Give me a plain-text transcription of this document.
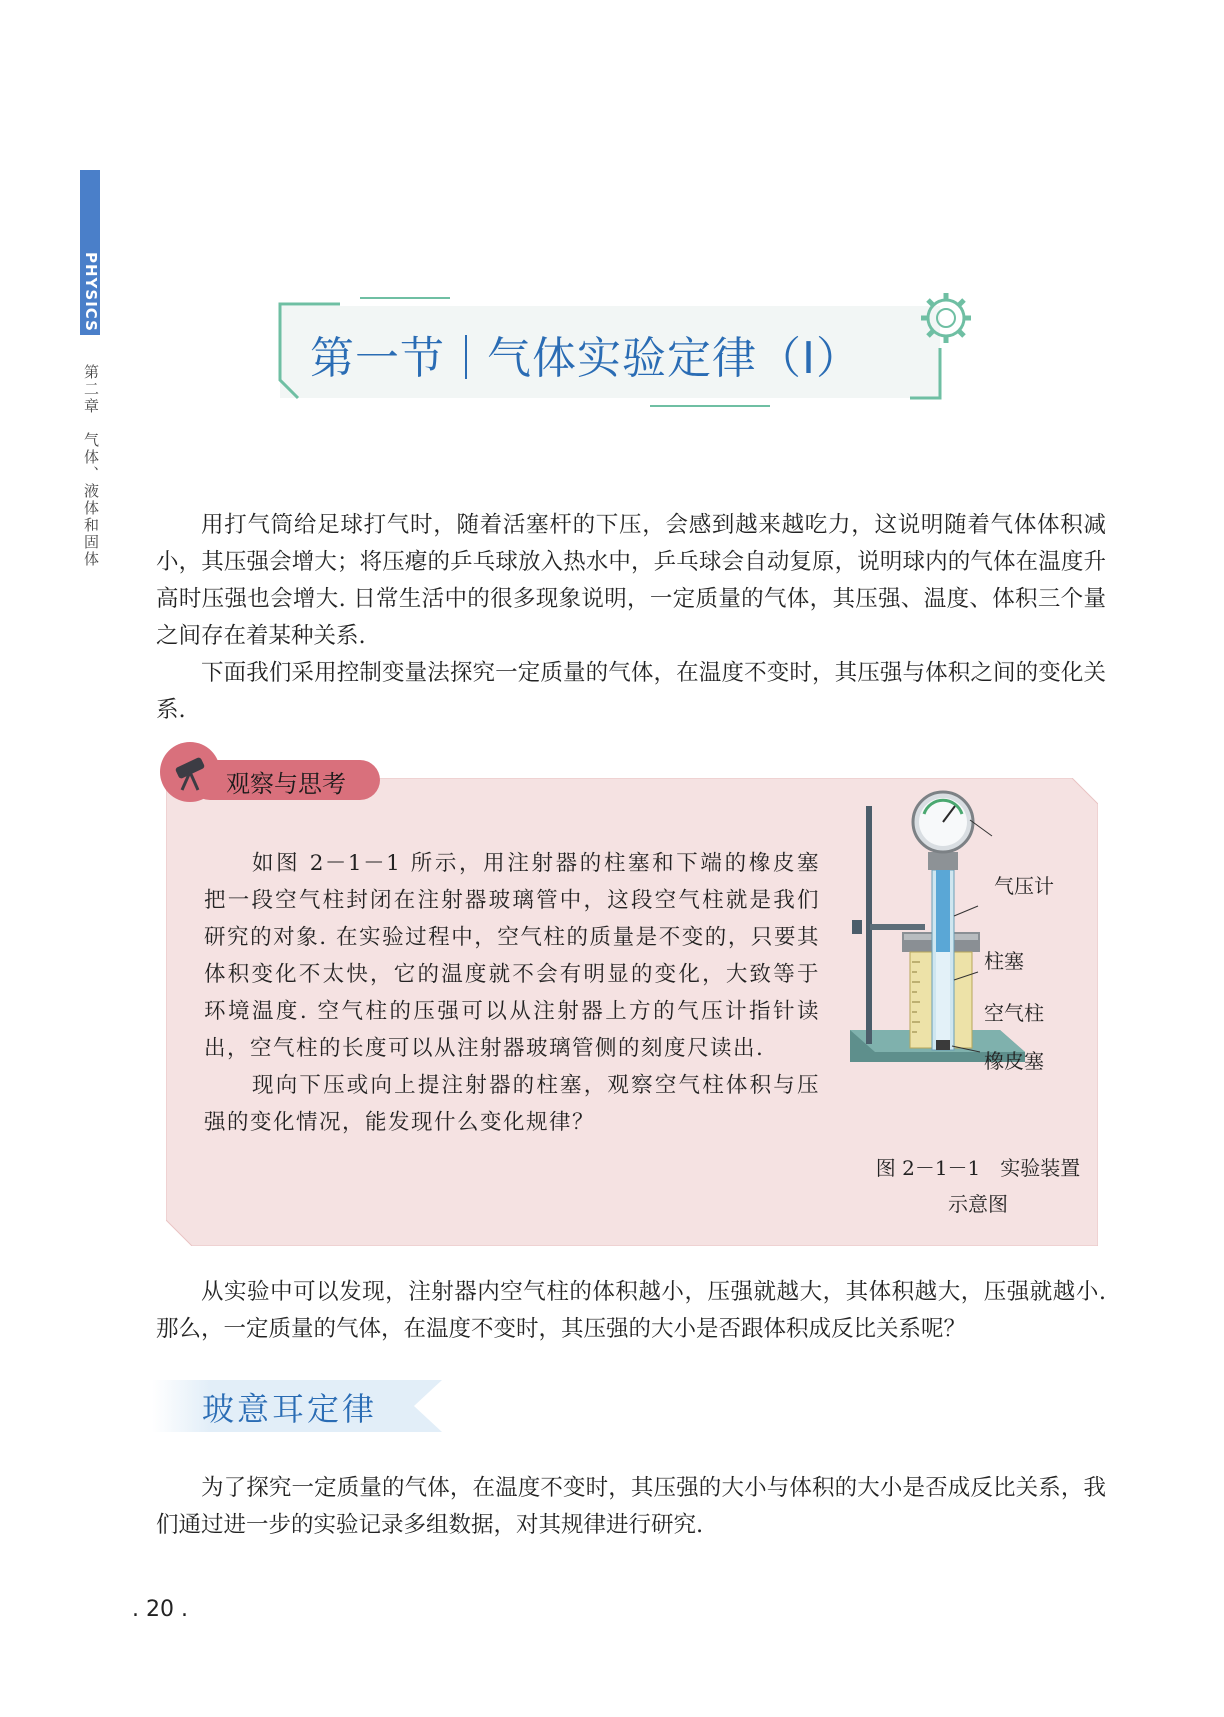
PHYSICS
第二章　气体、液体和固体
第一节 气体实验定律（Ⅰ）

用打气筒给足球打气时，随着活塞杆的下压，会感到越来越吃力，这说明随着气体体积减小，其压强会增大；将压瘪的乒乓球放入热水中，乒乓球会自动复原，说明球内的气体在温度升高时压强也会增大. 日常生活中的很多现象说明，一定质量的气体，其压强、温度、体积三个量之间存在着某种关系.

下面我们采用控制变量法探究一定质量的气体，在温度不变时，其压强与体积之间的变化关系.

观察与思考

如图 2－1－1 所示，用注射器的柱塞和下端的橡皮塞把一段空气柱封闭在注射器玻璃管中，这段空气柱就是我们研究的对象. 在实验过程中，空气柱的质量是不变的，只要其体积变化不太快，它的温度就不会有明显的变化，大致等于环境温度. 空气柱的压强可以从注射器上方的气压计指针读出，空气柱的长度可以从注射器玻璃管侧的刻度尺读出.

现向下压或向上提注射器的柱塞，观察空气柱体积与压强的变化情况，能发现什么变化规律？

气压计
柱塞
空气柱
橡皮塞
图 2－1－1　实验装置
示意图

从实验中可以发现，注射器内空气柱的体积越小，压强就越大，其体积越大，压强就越小. 那么，一定质量的气体，在温度不变时，其压强的大小是否跟体积成反比关系呢？

玻意耳定律

为了探究一定质量的气体，在温度不变时，其压强的大小与体积的大小是否成反比关系，我们通过进一步的实验记录多组数据，对其规律进行研究.

. 20 .
